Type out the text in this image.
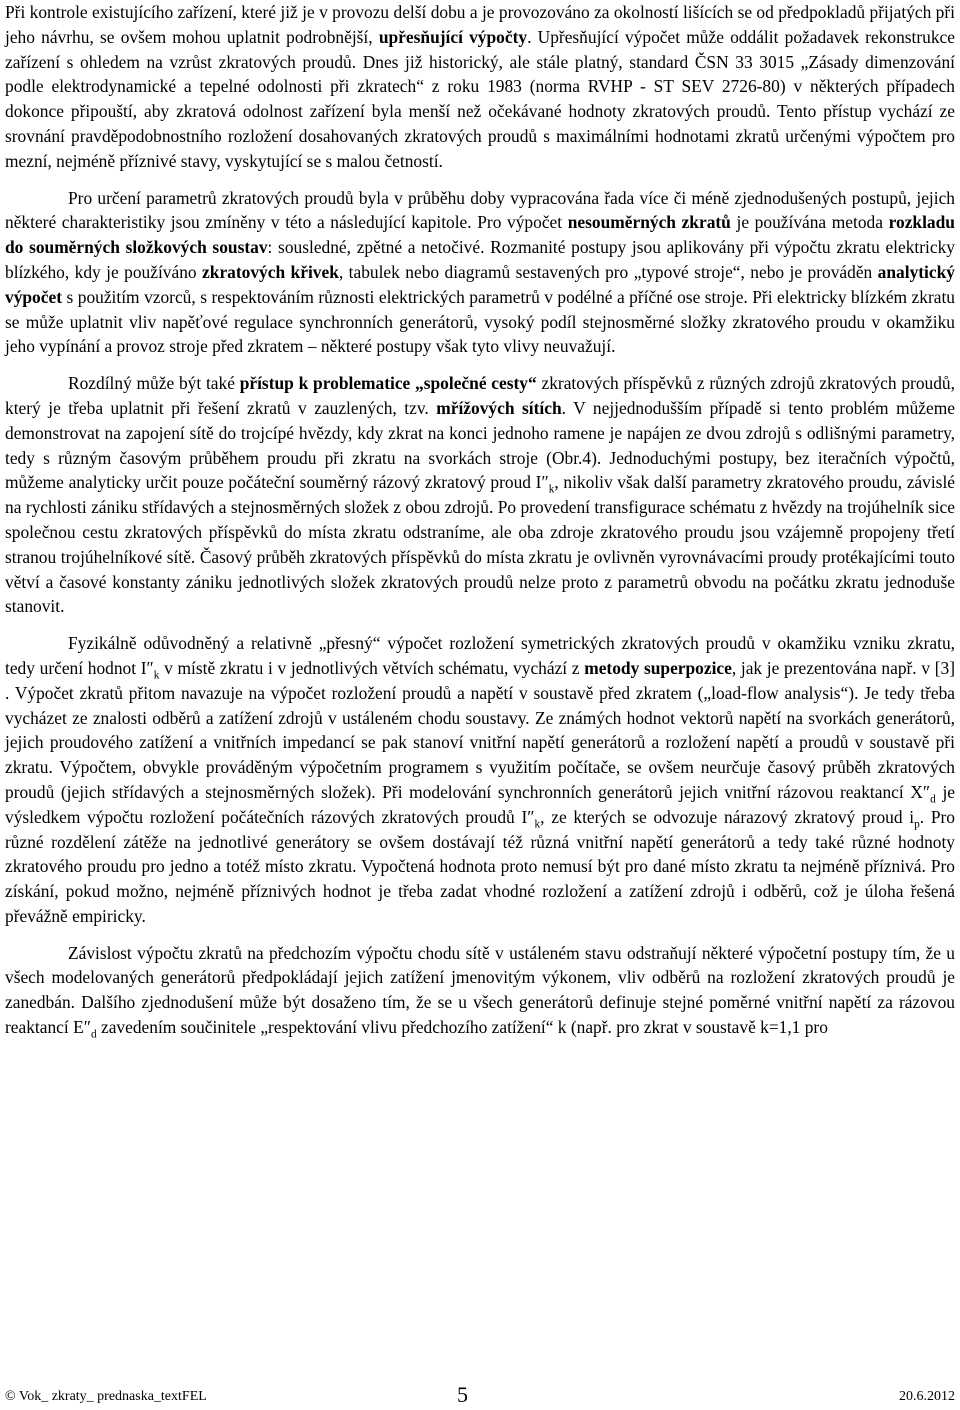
Při kontrole existujícího zařízení, které již je v provozu delší dobu a je provozováno za okolností lišících se od předpokladů přijatých při jeho návrhu, se ovšem mohou uplatnit podrobnější, upřesňující výpočty. Upřesňující výpočet může oddálit požadavek rekonstrukce zařízení s ohledem na vzrůst zkratových proudů. Dnes již historický, ale stále platný, standard ČSN 33 3015 „Zásady dimenzování podle elektrodynamické a tepelné odolnosti při zkratech“ z roku 1983 (norma RVHP - ST SEV 2726-80) v některých případech dokonce připouští, aby zkratová odolnost zařízení byla menší než očekávané hodnoty zkratových proudů. Tento přístup vychází ze srovnání pravděpodobnostního rozložení dosahovaných zkratových proudů s maximálními hodnotami zkratů určenými výpočtem pro mezní, nejméně příznivé stavy, vyskytující se s malou četností.

Pro určení parametrů zkratových proudů byla v průběhu doby vypracována řada více či méně zjednodušených postupů, jejich některé charakteristiky jsou zmíněny v této a následující kapitole. Pro výpočet nesouměrných zkratů je používána metoda rozkladu do souměrných složkových soustav: sousledné, zpětné a netočivé. Rozmanité postupy jsou aplikovány při výpočtu zkratu elektricky blízkého, kdy je používáno zkratových křivek, tabulek nebo diagramů sestavených pro „typové stroje“, nebo je prováděn analytický výpočet s použitím vzorců, s respektováním různosti elektrických parametrů v podélné a příčné ose stroje. Při elektricky blízkém zkratu se může uplatnit vliv napěťové regulace synchronních generátorů, vysoký podíl stejnosměrné složky zkratového proudu v okamžiku jeho vypínání a provoz stroje před zkratem – některé postupy však tyto vlivy neuvažují.

Rozdílný může být také přístup k problematice „společné cesty“ zkratových příspěvků z různých zdrojů zkratových proudů, který je třeba uplatnit při řešení zkratů v zauzlených, tzv. mřížových sítích. V nejjednodušším případě si tento problém můžeme demonstrovat na zapojení sítě do trojcípé hvězdy, kdy zkrat na konci jednoho ramene je napájen ze dvou zdrojů s odlišnými parametry, tedy s různým časovým průběhem proudu při zkratu na svorkách stroje (Obr.4). Jednoduchými postupy, bez iteračních výpočtů, můžeme analyticky určit pouze počáteční souměrný rázový zkratový proud $I''_k$, nikoliv však další parametry zkratového proudu, závislé na rychlosti zániku střídavých a stejnosměrných složek z obou zdrojů. Po provedení transfigurace schématu z hvězdy na trojúhelník sice společnou cestu zkratových příspěvků do místa zkratu odstraníme, ale oba zdroje zkratového proudu jsou vzájemně propojeny třetí stranou trojúhelníkové sítě. Časový průběh zkratových příspěvků do místa zkratu je ovlivněn vyrovnávacími proudy protékajícími touto větví a časové konstanty zániku jednotlivých složek zkratových proudů nelze proto z parametrů obvodu na počátku zkratu jednoduše stanovit.

Fyzikálně odůvodněný a relativně „přesný“ výpočet rozložení symetrických zkratových proudů v okamžiku vzniku zkratu, tedy určení hodnot $I''_k$ v místě zkratu i v jednotlivých větvích schématu, vychází z metody superpozice, jak je prezentována např. v [3] . Výpočet zkratů přitom navazuje na výpočet rozložení proudů a napětí v soustavě před zkratem („load-flow analysis“). Je tedy třeba vycházet ze znalosti odběrů a zatížení zdrojů v ustáleném chodu soustavy. Ze známých hodnot vektorů napětí na svorkách generátorů, jejich proudového zatížení a vnitřních impedancí se pak stanoví vnitřní napětí generátorů a rozložení napětí a proudů v soustavě při zkratu. Výpočtem, obvykle prováděným výpočetním programem s využitím počítače, se ovšem neurčuje časový průběh zkratových proudů (jejich střídavých a stejnosměrných složek). Při modelování synchronních generátorů jejich vnitřní rázovou reaktancí $X''_d$ je výsledkem výpočtu rozložení počátečních rázových zkratových proudů $I''_k$, ze kterých se odvozuje nárazový zkratový proud $i_p$. Pro různé rozdělení zátěže na jednotlivé generátory se ovšem dostávají též různá vnitřní napětí generátorů a tedy také různé hodnoty zkratového proudu pro jedno a totéž místo zkratu. Vypočtená hodnota proto nemusí být pro dané místo zkratu ta nejméně příznivá. Pro získání, pokud možno, nejméně příznivých hodnot je třeba zadat vhodné rozložení a zatížení zdrojů i odběrů, což je úloha řešená převážně empiricky.

Závislost výpočtu zkratů na předchozím výpočtu chodu sítě v ustáleném stavu odstraňují některé výpočetní postupy tím, že u všech modelovaných generátorů předpokládají jejich zatížení jmenovitým výkonem, vliv odběrů na rozložení zkratových proudů je zanedbán. Dalšího zjednodušení může být dosaženo tím, že se u všech generátorů definuje stejné poměrné vnitřní napětí za rázovou reaktancí $E''_d$ zavedením součinitele „respektování vlivu předchozího zatížení“ k (např. pro zkrat v soustavě k=1,1 pro

© Vok_ zkraty_ prednaska_textFEL	5	20.6.2012
